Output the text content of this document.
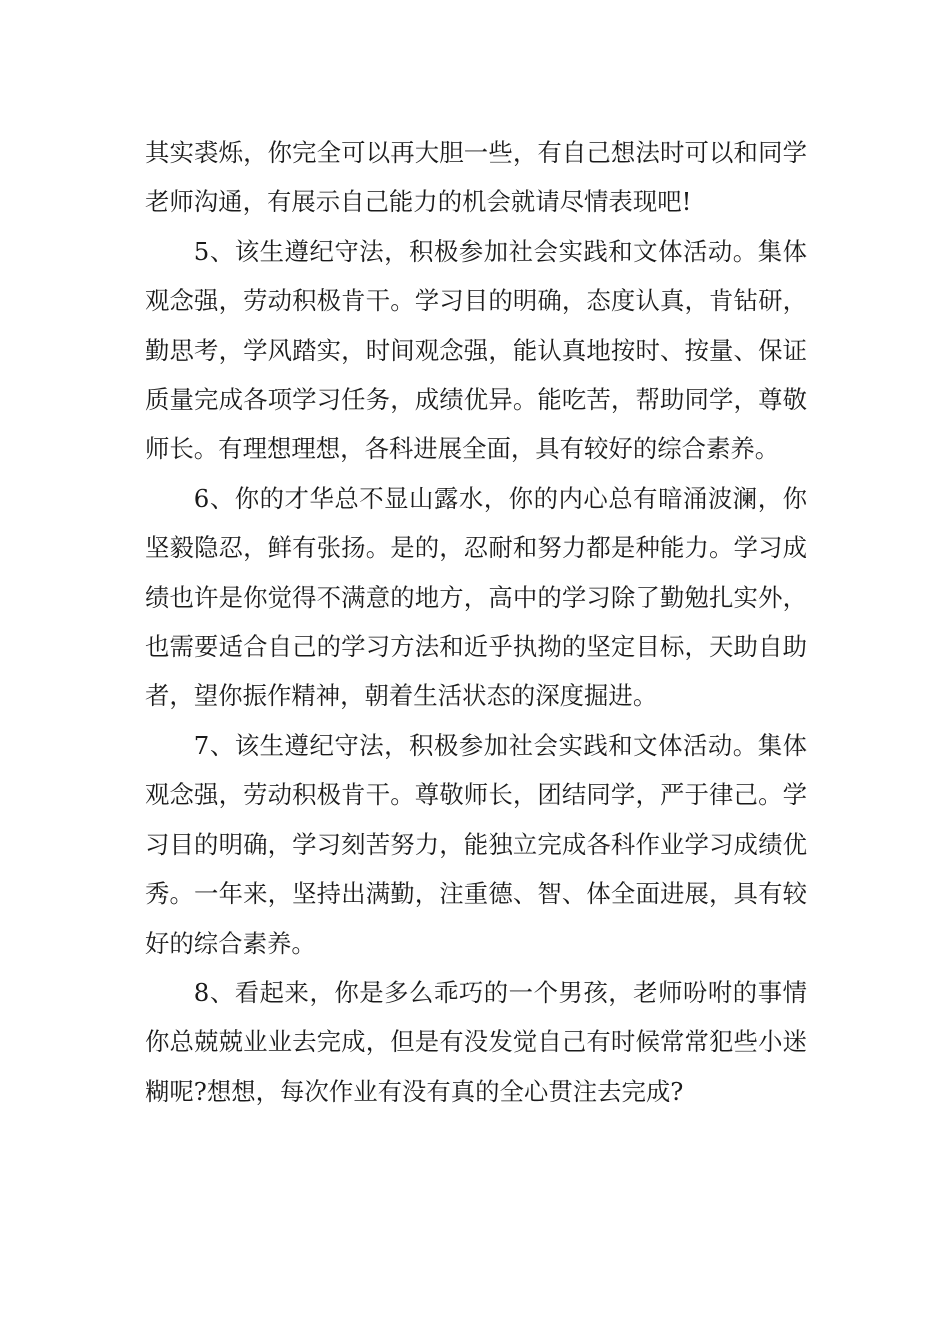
其实裘烁，你完全可以再大胆一些，有自己想法时可以和同学老师沟通，有展示自己能力的机会就请尽情表现吧!

5、该生遵纪守法，积极参加社会实践和文体活动。集体观念强，劳动积极肯干。学习目的明确，态度认真，肯钻研，勤思考，学风踏实，时间观念强，能认真地按时、按量、保证质量完成各项学习任务，成绩优异。能吃苦，帮助同学，尊敬师长。有理想理想，各科进展全面，具有较好的综合素养。

6、你的才华总不显山露水，你的内心总有暗涌波澜，你坚毅隐忍，鲜有张扬。是的，忍耐和努力都是种能力。学习成绩也许是你觉得不满意的地方，高中的学习除了勤勉扎实外，也需要适合自己的学习方法和近乎执拗的坚定目标，天助自助者，望你振作精神，朝着生活状态的深度掘进。

7、该生遵纪守法，积极参加社会实践和文体活动。集体观念强，劳动积极肯干。尊敬师长，团结同学，严于律己。学习目的明确，学习刻苦努力，能独立完成各科作业学习成绩优秀。一年来，坚持出满勤，注重德、智、体全面进展，具有较好的综合素养。

8、看起来，你是多么乖巧的一个男孩，老师吩咐的事情你总兢兢业业去完成，但是有没发觉自己有时候常常犯些小迷糊呢?想想，每次作业有没有真的全心贯注去完成?
